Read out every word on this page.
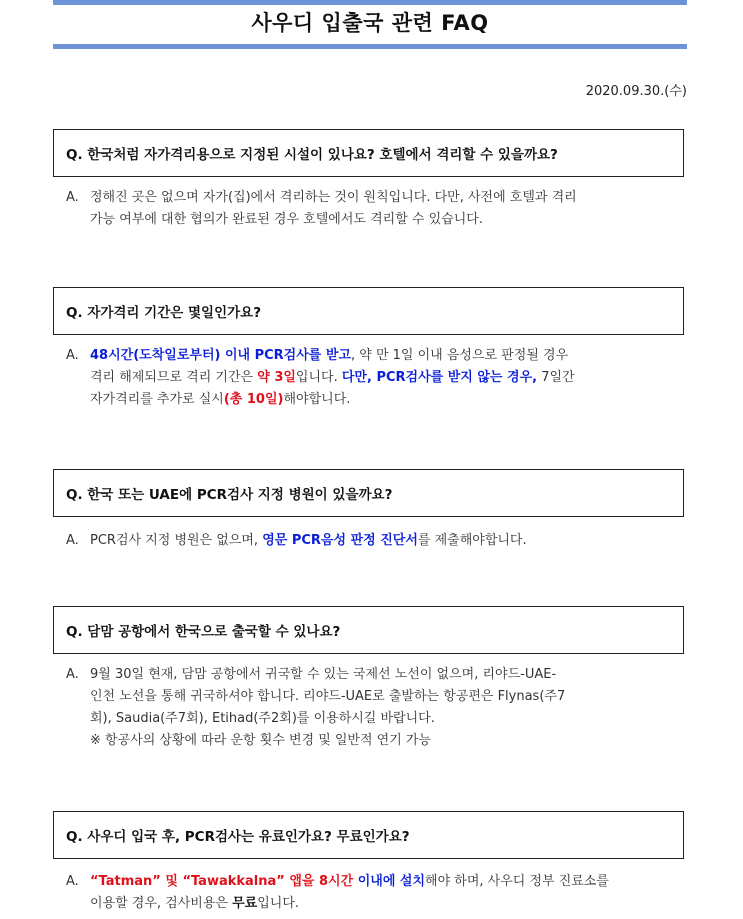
사우디 입출국 관련 FAQ
2020.09.30.(수)
Q. 한국처럼 자가격리용으로 지정된 시설이 있나요? 호텔에서 격리할 수 있을까요?
A. 정해진 곳은 없으며 자가(집)에서 격리하는 것이 원칙입니다. 다만, 사전에 호텔과 격리
가능 여부에 대한 협의가 완료된 경우 호텔에서도 격리할 수 있습니다.
Q. 자가격리 기간은 몇일인가요?
A. 48시간(도착일로부터) 이내 PCR검사를 받고, 약 만 1일 이내 음성으로 판정될 경우
격리 해제되므로 격리 기간은 약 3일입니다. 다만, PCR검사를 받지 않는 경우, 7일간
자가격리를 추가로 실시(총 10일)해야합니다.
Q. 한국 또는 UAE에 PCR검사 지정 병원이 있을까요?
A. PCR검사 지정 병원은 없으며, 영문 PCR음성 판정 진단서를 제출해야합니다.
Q. 담맘 공항에서 한국으로 출국할 수 있나요?
A. 9월 30일 현재, 담맘 공항에서 귀국할 수 있는 국제선 노선이 없으며, 리야드-UAE-
인천 노선을 통해 귀국하셔야 합니다. 리야드-UAE로 출발하는 항공편은 Flynas(주7
회), Saudia(주7회), Etihad(주2회)를 이용하시길 바랍니다.
※ 항공사의 상황에 따라 운항 횟수 변경 및 일반적 연기 가능
Q. 사우디 입국 후, PCR검사는 유료인가요? 무료인가요?
A. “Tatman” 및 “Tawakkalna” 앱을 8시간 이내에 설치해야 하며, 사우디 정부 진료소를
이용할 경우, 검사비용은 무료입니다.
